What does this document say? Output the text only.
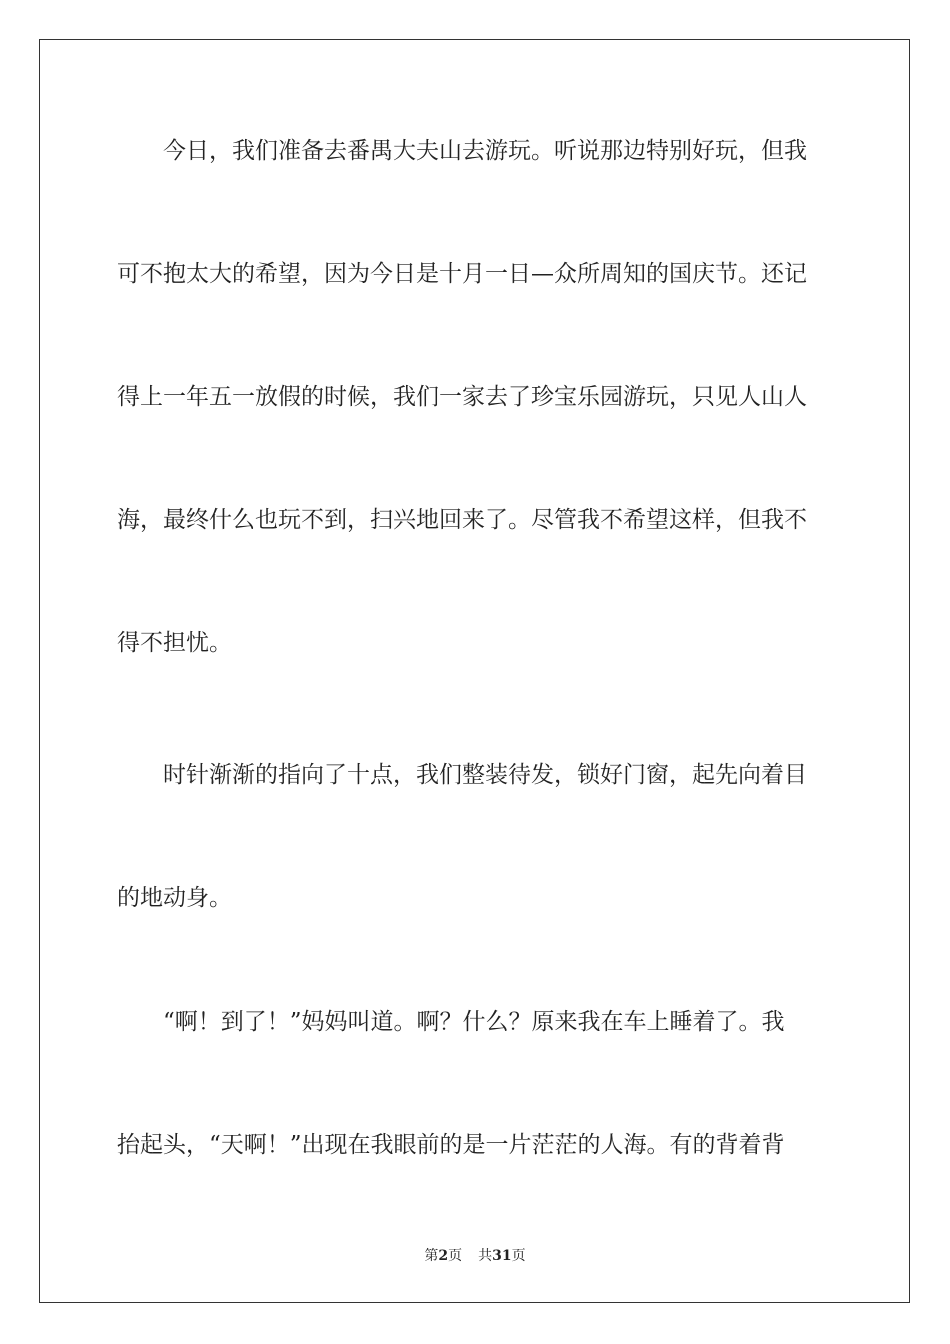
今日，我们准备去番禺大夫山去游玩。听说那边特别好玩，但我
可不抱太大的希望，因为今日是十月一日—众所周知的国庆节。还记
得上一年五一放假的时候，我们一家去了珍宝乐园游玩，只见人山人
海，最终什么也玩不到，扫兴地回来了。尽管我不希望这样，但我不
得不担忧。
时针渐渐的指向了十点，我们整装待发，锁好门窗，起先向着目
的地动身。
“啊！到了！”妈妈叫道。啊？什么？原来我在车上睡着了。我
抬起头，“天啊！”出现在我眼前的是一片茫茫的人海。有的背着背
第2页 共31页
